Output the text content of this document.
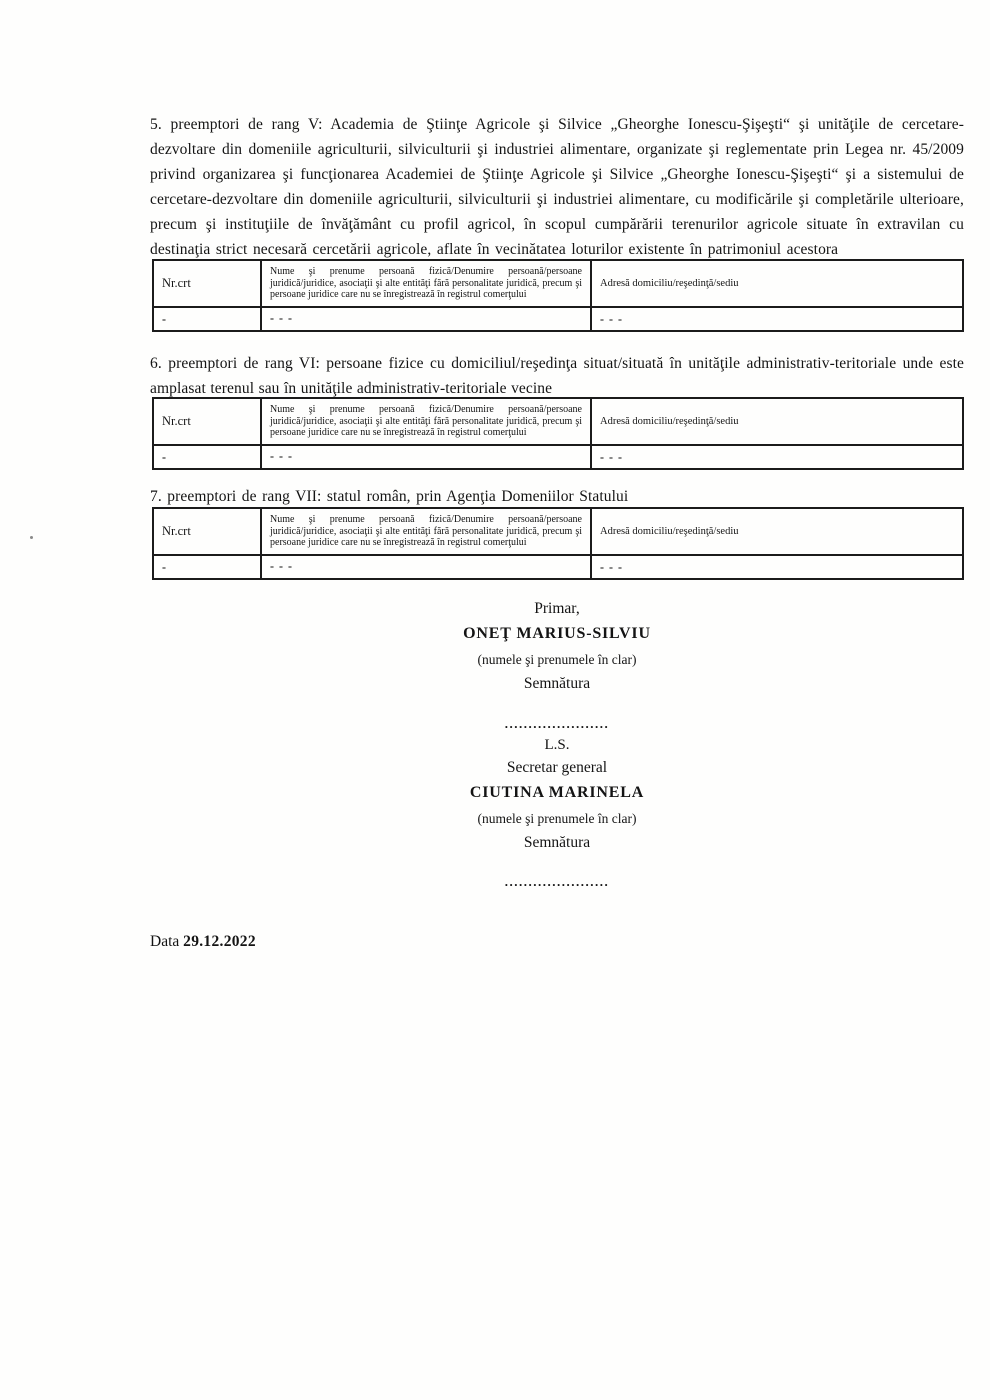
5. preemptori de rang V: Academia de Ştiinţe Agricole şi Silvice „Gheorghe Ionescu-Şişeşti“ şi unităţile de cercetare-dezvoltare din domeniile agriculturii, silviculturii şi industriei alimentare, organizate şi reglementate prin Legea nr. 45/2009 privind organizarea şi funcţionarea Academiei de Ştiinţe Agricole şi Silvice „Gheorghe Ionescu-Şişeşti“ şi a sistemului de cercetare-dezvoltare din domeniile agriculturii, silviculturii şi industriei alimentare, cu modificările şi completările ulterioare, precum şi instituţiile de învăţământ cu profil agricol, în scopul cumpărării terenurilor agricole situate în extravilan cu destinaţia strict necesară cercetării agricole, aflate în vecinătatea loturilor existente în patrimoniul acestora
Nr.crt	Nume şi prenume persoană fizică/Denumire persoană/persoane juridică/juridice, asociaţii şi alte entităţi fără personalitate juridică, precum şi persoane juridice care nu se înregistrează în registrul comerţului	Adresă domiciliu/reşedinţă/sediu
-	- - -	- - -
6. preemptori de rang VI: persoane fizice cu domiciliul/reşedinţa situat/situată în unităţile administrativ-teritoriale unde este amplasat terenul sau în unităţile administrativ-teritoriale vecine
Nr.crt	Nume şi prenume persoană fizică/Denumire persoană/persoane juridică/juridice, asociaţii şi alte entităţi fără personalitate juridică, precum şi persoane juridice care nu se înregistrează în registrul comerţului	Adresă domiciliu/reşedinţă/sediu
-	- - -	- - -
7. preemptori de rang VII: statul român, prin Agenţia Domeniilor Statului
Nr.crt	Nume şi prenume persoană fizică/Denumire persoană/persoane juridică/juridice, asociaţii şi alte entităţi fără personalitate juridică, precum şi persoane juridice care nu se înregistrează în registrul comerţului	Adresă domiciliu/reşedinţă/sediu
-	- - -	- - -
Primar,
ONEŢ MARIUS-SILVIU
(numele şi prenumele în clar)
Semnătura
......................
L.S.
Secretar general
CIUTINA MARINELA
(numele şi prenumele în clar)
Semnătura
......................
Data 29.12.2022
